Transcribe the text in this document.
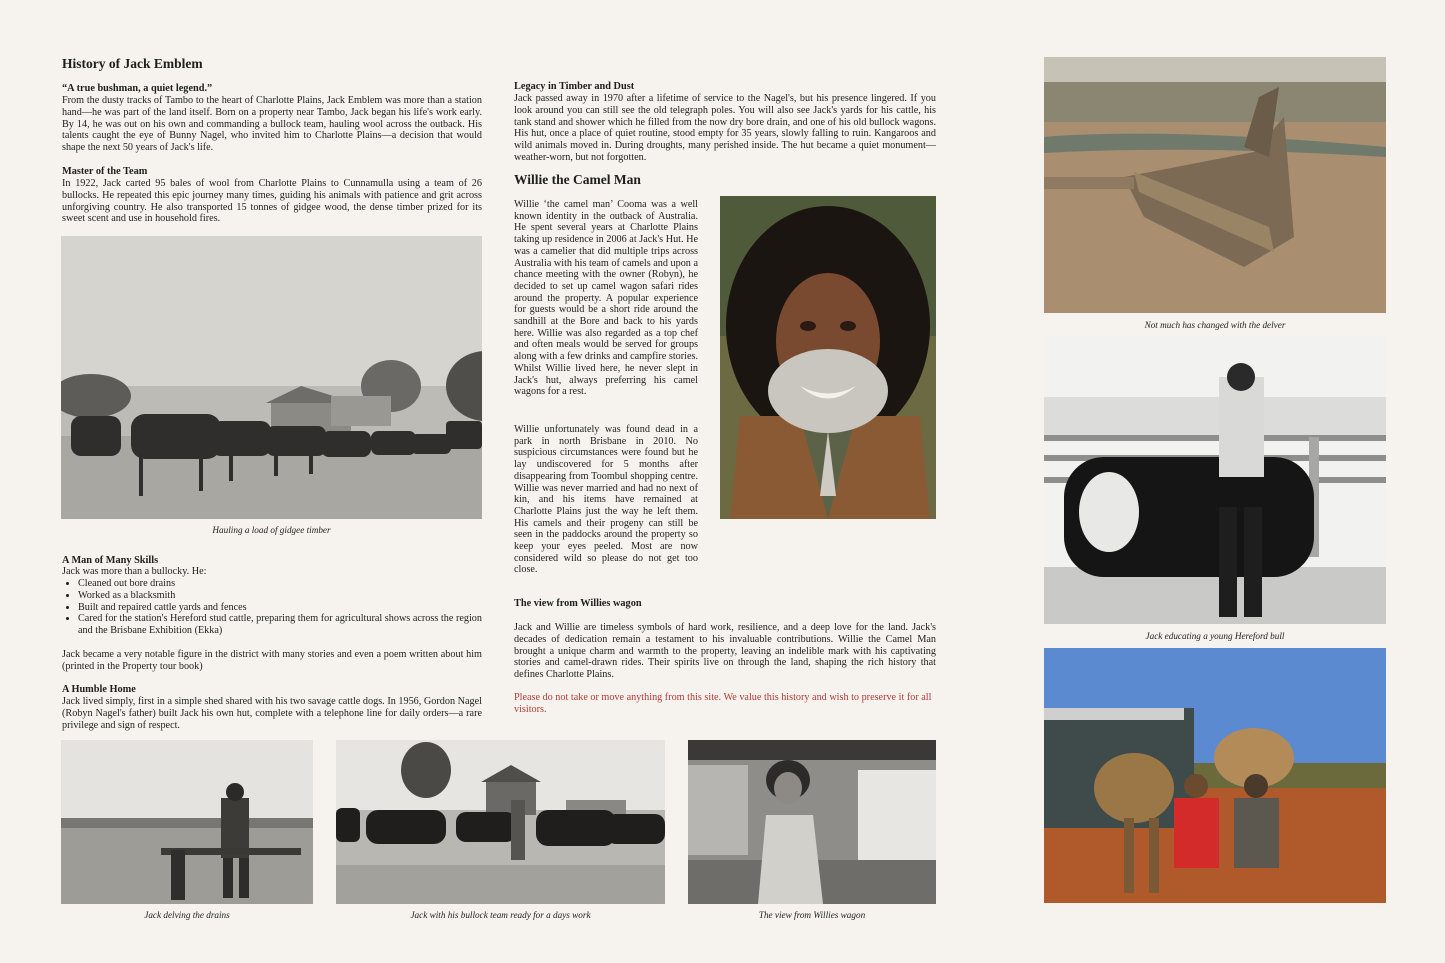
History of Jack Emblem

“A true bushman, a quiet legend.”

From the dusty tracks of Tambo to the heart of Charlotte Plains, Jack Emblem was more than a station hand—he was part of the land itself. Born on a property near Tambo, Jack began his life's work early. By 14, he was out on his own and commanding a bullock team, hauling wool across the outback. His talents caught the eye of Bunny Nagel, who invited him to Charlotte Plains—a decision that would shape the next 50 years of Jack's life.

Master of the Team

In 1922, Jack carted 95 bales of wool from Charlotte Plains to Cunnamulla using a team of 26 bullocks. He repeated this epic journey many times, guiding his animals with patience and grit across unforgiving country. He also transported 15 tonnes of gidgee wood, the dense timber prized for its sweet scent and use in household fires.

Hauling a load of gidgee timber

A Man of Many Skills

Jack was more than a bullocky. He:

• Cleaned out bore drains
• Worked as a blacksmith
• Built and repaired cattle yards and fences
• Cared for the station's Hereford stud cattle, preparing them for agricultural shows across the region and the Brisbane Exhibition (Ekka)

Jack became a very notable figure in the district with many stories and even a poem written about him (printed in the Property tour book)

A Humble Home

Jack lived simply, first in a simple shed shared with his two savage cattle dogs. In 1956, Gordon Nagel (Robyn Nagel's father) built Jack his own hut, complete with a telephone line for daily orders—a rare privilege and sign of respect.

Legacy in Timber and Dust

Jack passed away in 1970 after a lifetime of service to the Nagel's, but his presence lingered. If you look around you can still see the old telegraph poles. You will also see Jack's yards for his cattle, his tank stand and shower which he filled from the now dry bore drain, and one of his old bullock wagons. His hut, once a place of quiet routine, stood empty for 35 years, slowly falling to ruin. Kangaroos and wild animals moved in. During droughts, many perished inside. The hut became a quiet monument—weather-worn, but not forgotten.

Willie the Camel Man

Willie ‘the camel man’ Cooma was a well known identity in the outback of Australia. He spent several years at Charlotte Plains taking up residence in 2006 at Jack's Hut. He was a camelier that did multiple trips across Australia with his team of camels and upon a chance meeting with the owner (Robyn), he decided to set up camel wagon safari rides around the property. A popular experience for guests would be a short ride around the sandhill at the Bore and back to his yards here. Willie was also regarded as a top chef and often meals would be served for groups along with a few drinks and campfire stories. Whilst Willie lived here, he never slept in Jack's hut, always preferring his camel wagons for a rest.

Willie unfortunately was found dead in a park in north Brisbane in 2010. No suspicious circumstances were found but he lay undiscovered for 5 months after disappearing from Toombul shopping centre. Willie was never married and had no next of kin, and his items have remained at Charlotte Plains just the way he left them. His camels and their progeny can still be seen in the paddocks around the property so keep your eyes peeled. Most are now considered wild so please do not get too close.

The view from Willies wagon

Jack and Willie are timeless symbols of hard work, resilience, and a deep love for the land. Jack's decades of dedication remain a testament to his invaluable contributions. Willie the Camel Man brought a unique charm and warmth to the property, leaving an indelible mark with his captivating stories and camel-drawn rides. Their spirits live on through the land, shaping the rich history that defines Charlotte Plains.

Please do not take or move anything from this site. We value this history and wish to preserve it for all visitors.

Jack delving the drains	Jack with his bullock team ready for a days work	The view from Willies wagon

Not much has changed with the delver

Jack educating a young Hereford bull
